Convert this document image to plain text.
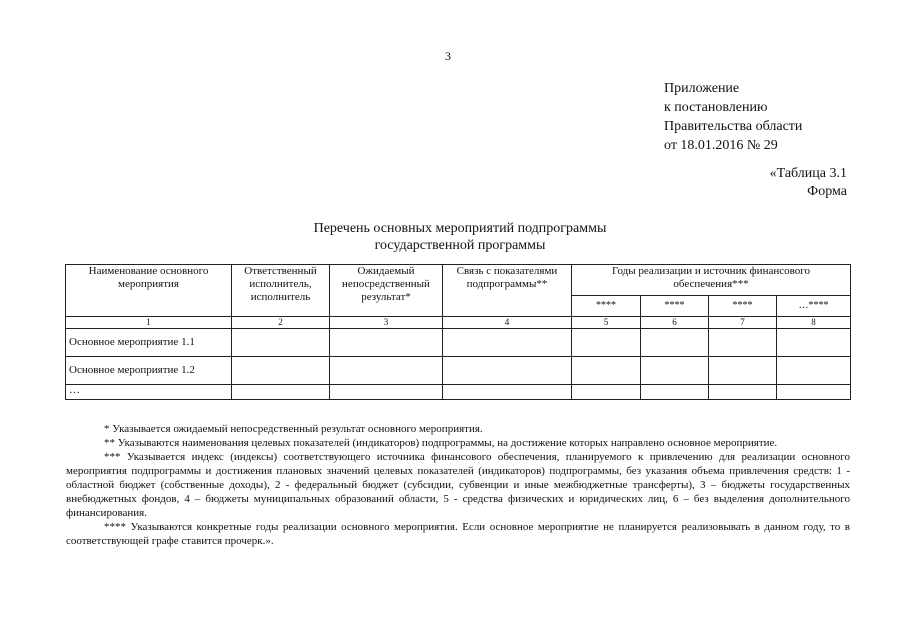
3
Приложение
к постановлению
Правительства области
от 18.01.2016 № 29
«Таблица 3.1
Форма
Перечень основных мероприятий подпрограммы
государственной программы
Наименование основного мероприятия	Ответственный исполнитель, исполнитель	Ожидаемый непосредственный результат*	Связь с показателями подпрограммы**	Годы реализации и источник финансового обеспечения***			
				****	****	****	…****
1	2	3	4	5	6	7	8
Основное мероприятие 1.1							
Основное мероприятие 1.2							
…							

* Указывается ожидаемый непосредственный результат основного мероприятия.

** Указываются наименования целевых показателей (индикаторов) подпрограммы, на достижение которых направлено основное мероприятие.

*** Указывается индекс (индексы) соответствующего источника финансового обеспечения, планируемого к привлечению для реализации основного мероприятия подпрограммы и достижения плановых значений целевых показателей (индикаторов) подпрограммы, без указания объема привлечения средств: 1 - областной бюджет (собственные доходы), 2 - федеральный бюджет (субсидии, субвенции и иные межбюджетные трансферты), 3 – бюджеты государственных внебюджетных фондов, 4 – бюджеты муниципальных образований области, 5 - средства физических и юридических лиц, 6 – без выделения дополнительного финансирования.

**** Указываются конкретные годы реализации основного мероприятия. Если основное мероприятие не планируется реализовывать в данном году, то в соответствующей графе ставится прочерк.».
